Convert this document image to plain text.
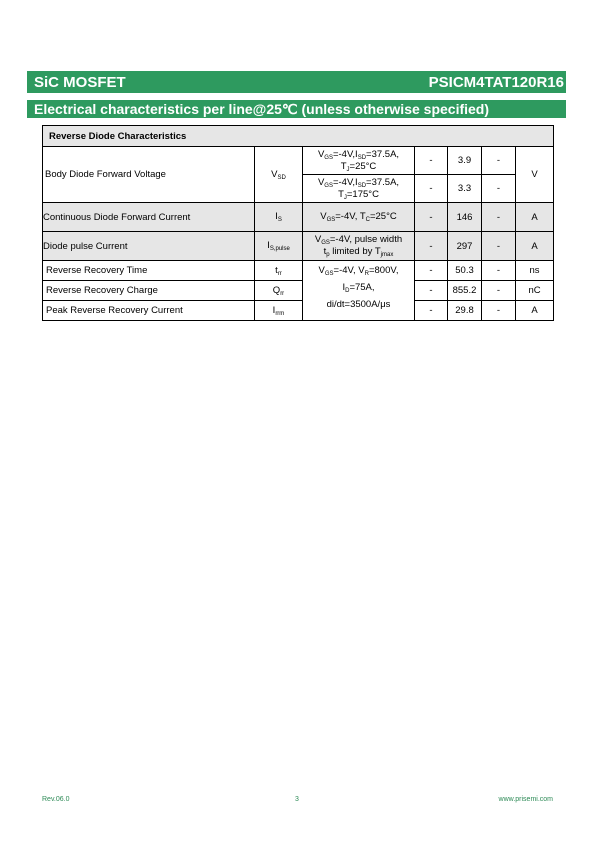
SiC MOSFET	PSICM4TAT120R16
Electrical characteristics per line@25℃ (unless otherwise specified)
Reverse Diode Characteristics						
Body Diode Forward Voltage	$V_{SD}$	$V_{GS}=-4V,I_{SD}=37.5A$,
$T_J=25^\circ C$	-	3.9	-	V
		$V_{GS}=-4V,I_{SD}=37.5A$,
$T_J=175^\circ C$	-	3.3	-	
Continuous Diode Forward Current	$I_S$	$V_{GS}=-4V$, $T_C=25^\circ C$	-	146	-	A
Diode pulse Current	$I_{S,pulse}$	$V_{GS}=-4V$, pulse width
$t_p$ limited by $T_{jmax}$	-	297	-	A
Reverse Recovery Time	$t_{rr}$	$V_{GS}=-4V$, $V_R=800V$,
$I_D=75A$,
di/dt=3500A/μs	-	50.3	-	ns
Reverse Recovery Charge	$Q_{rr}$		-	855.2	-	nC
Peak Reverse Recovery Current	$I_{rrm}$		-	29.8	-	A
Rev.06.0	3	www.prisemi.com
